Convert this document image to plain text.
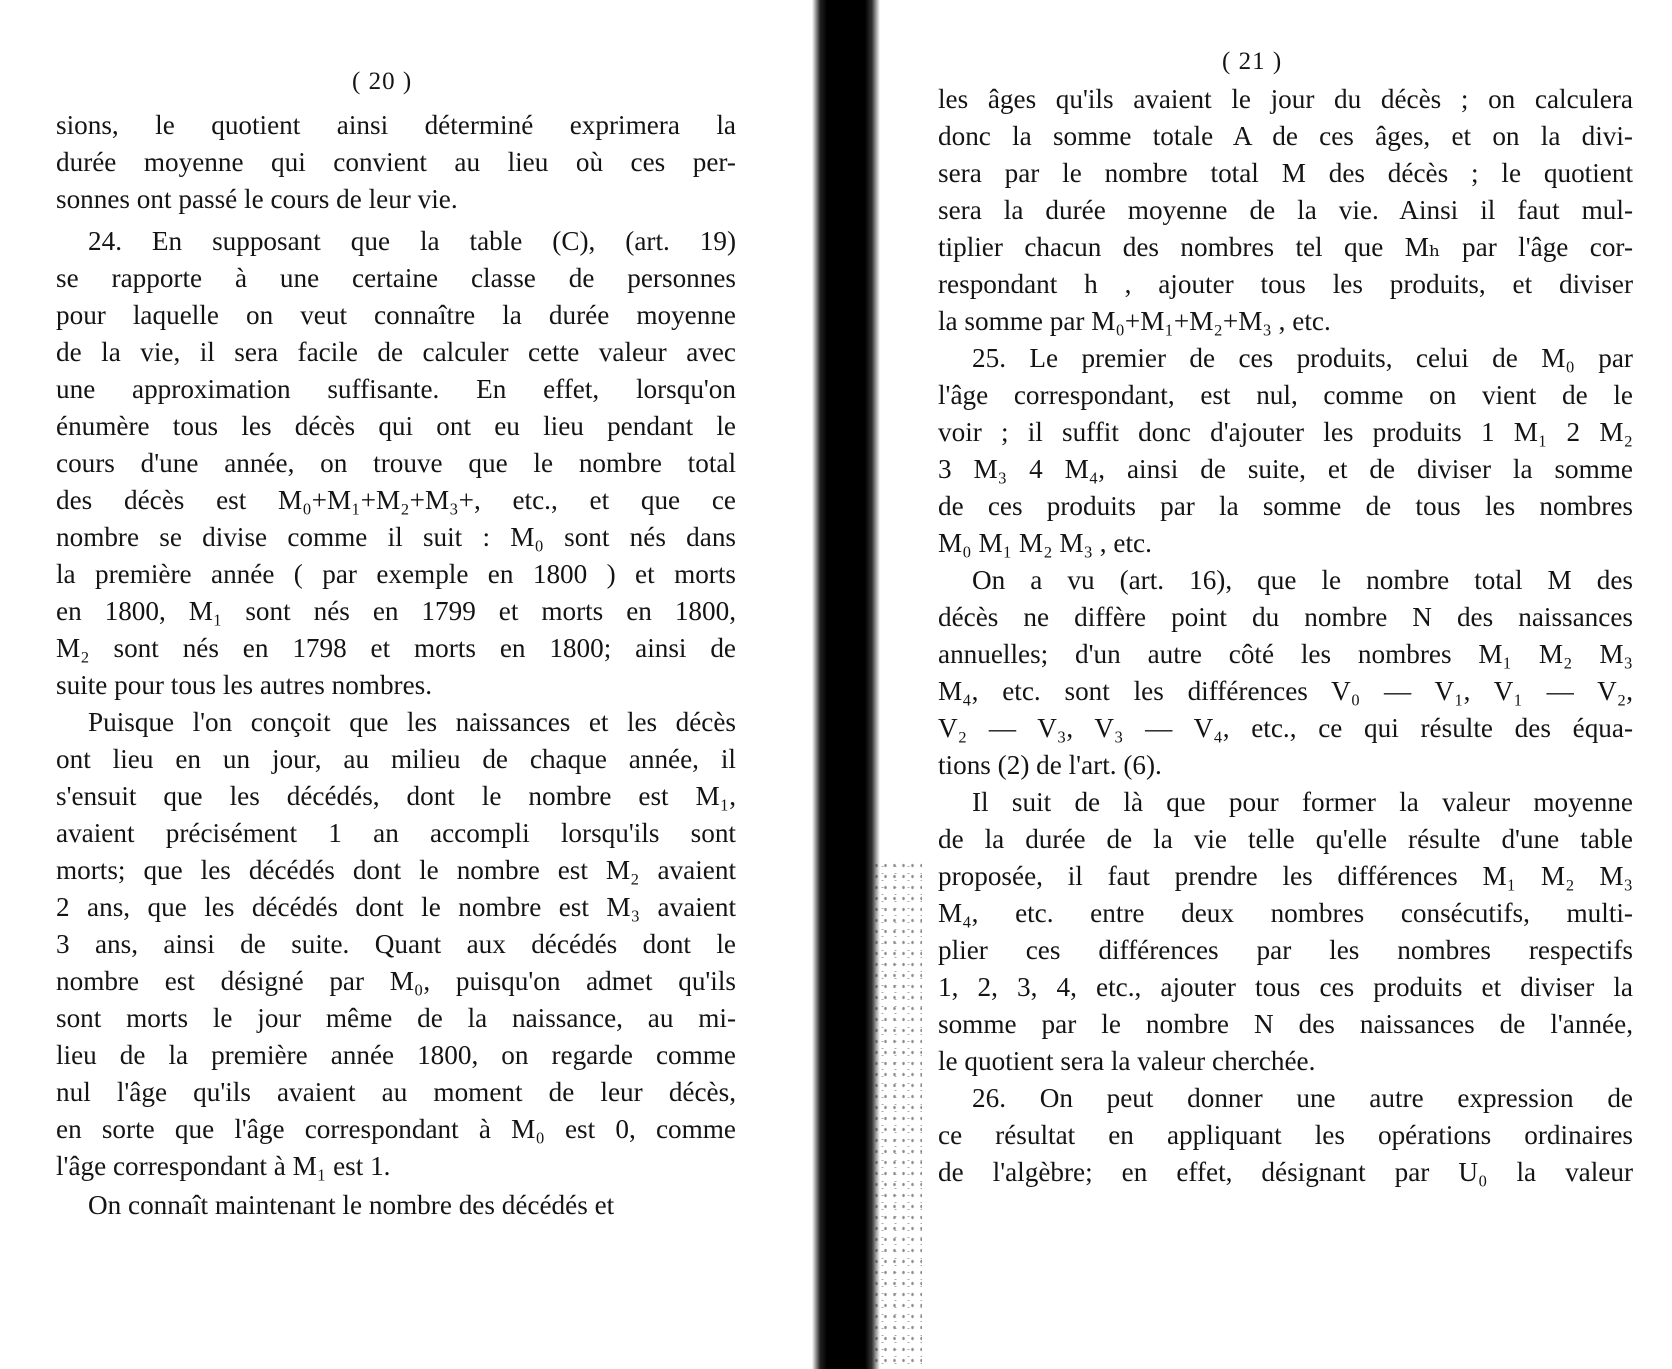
( 20 )
sions, le quotient ainsi déterminé exprimera la
durée moyenne qui convient au lieu où ces per-
sonnes ont passé le cours de leur vie.
24. En supposant que la table (C), (art. 19)
se rapporte à une certaine classe de personnes
pour laquelle on veut connaître la durée moyenne
de la vie, il sera facile de calculer cette valeur avec
une approximation suffisante. En effet, lorsqu'on
énumère tous les décès qui ont eu lieu pendant le
cours d'une année, on trouve que le nombre total
des décès est M₀+M₁+M₂+M₃+, etc., et que ce
nombre se divise comme il suit : M₀ sont nés dans
la première année ( par exemple en 1800 ) et morts
en 1800, M₁ sont nés en 1799 et morts en 1800,
M₂ sont nés en 1798 et morts en 1800; ainsi de
suite pour tous les autres nombres.
Puisque l'on conçoit que les naissances et les décès
ont lieu en un jour, au milieu de chaque année, il
s'ensuit que les décédés, dont le nombre est M₁,
avaient précisément 1 an accompli lorsqu'ils sont
morts; que les décédés dont le nombre est M₂ avaient
2 ans, que les décédés dont le nombre est M₃ avaient
3 ans, ainsi de suite. Quant aux décédés dont le
nombre est désigné par M₀, puisqu'on admet qu'ils
sont morts le jour même de la naissance, au mi-
lieu de la première année 1800, on regarde comme
nul l'âge qu'ils avaient au moment de leur décès,
en sorte que l'âge correspondant à M₀ est 0, comme
l'âge correspondant à M₁ est 1.
On connaît maintenant le nombre des décédés et
( 21 )
les âges qu'ils avaient le jour du décès ; on calculera
donc la somme totale A de ces âges, et on la divi-
sera par le nombre total M des décès ; le quotient
sera la durée moyenne de la vie. Ainsi il faut mul-
tiplier chacun des nombres tel que Mₕ par l'âge cor-
respondant h , ajouter tous les produits, et diviser
la somme par M₀+M₁+M₂+M₃ , etc.
25. Le premier de ces produits, celui de M₀ par
l'âge correspondant, est nul, comme on vient de le
voir ; il suffit donc d'ajouter les produits 1 M₁ 2 M₂
3 M₃ 4 M₄, ainsi de suite, et de diviser la somme
de ces produits par la somme de tous les nombres
M₀ M₁ M₂ M₃ , etc.
On a vu (art. 16), que le nombre total M des
décès ne diffère point du nombre N des naissances
annuelles; d'un autre côté les nombres M₁ M₂ M₃
M₄, etc. sont les différences V₀ — V₁, V₁ — V₂,
V₂ — V₃, V₃ — V₄, etc., ce qui résulte des équa-
tions (2) de l'art. (6).
Il suit de là que pour former la valeur moyenne
de la durée de la vie telle qu'elle résulte d'une table
proposée, il faut prendre les différences M₁ M₂ M₃
M₄, etc. entre deux nombres consécutifs, multi-
plier ces différences par les nombres respectifs
1, 2, 3, 4, etc., ajouter tous ces produits et diviser la
somme par le nombre N des naissances de l'année,
le quotient sera la valeur cherchée.
26. On peut donner une autre expression de
ce résultat en appliquant les opérations ordinaires
de l'algèbre; en effet, désignant par U₀ la valeur
